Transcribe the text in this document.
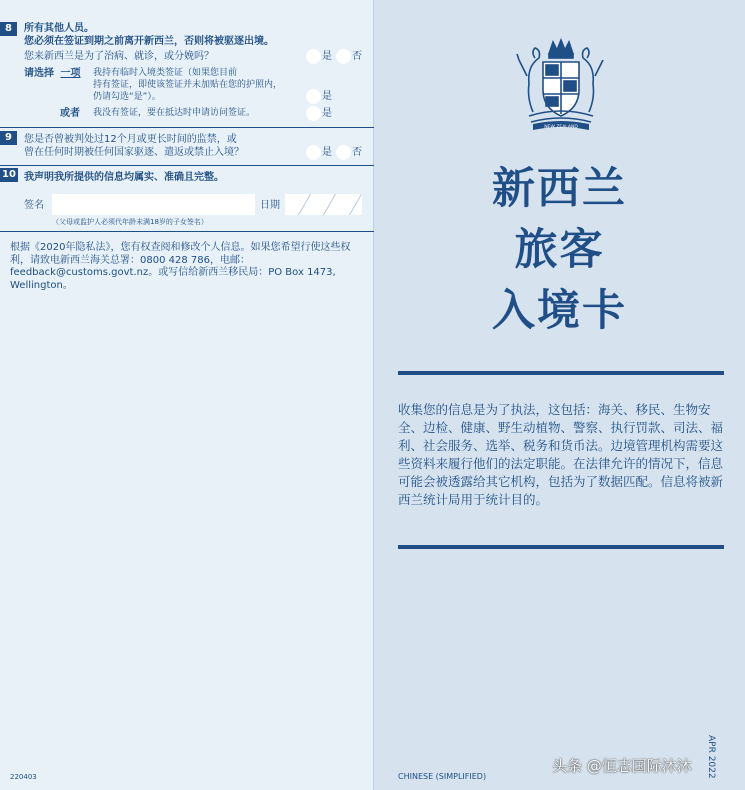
8	所有其他人员。
您必须在签证到期之前离开新西兰，否则将被驱逐出境。
您来新西兰是为了治病、就诊，或分娩吗？	是 否
请选择 一项 我持有临时入境类签证（如果您目前
持有签证，即使该签证并未加贴在您的护照内，
仍请勾选“是”）。	是
或者 我没有签证，要在抵达时申请访问签证。	是
9	您是否曾被判处过12个月或更长时间的监禁，或
曾在任何时期被任何国家驱逐、遣返或禁止入境？	是 否
10 我声明我所提供的信息均属实、准确且完整。
签名	日期
（父母或监护人必须代年龄未满18岁的子女签名）
根据《2020年隐私法》，您有权查阅和修改个人信息。如果您希望行使这些权利，请致电新西兰海关总署：0800 428 786，电邮：feedback@customs.govt.nz。或写信给新西兰移民局：PO Box 1473, Wellington。
220403
NEW ZEALAND
新西兰
旅客
入境卡
收集您的信息是为了执法，这包括：海关、移民、生物安全、边检、健康、野生动植物、警察、执行罚款、司法、福利、社会服务、选举、税务和货币法。边境管理机构需要这些资料来履行他们的法定职能。在法律允许的情况下，信息可能会被透露给其它机构，包括为了数据匹配。信息将被新西兰统计局用于统计目的。
CHINESE (SIMPLIFIED)	APR 2022
头条 @恒志国际沐沐
